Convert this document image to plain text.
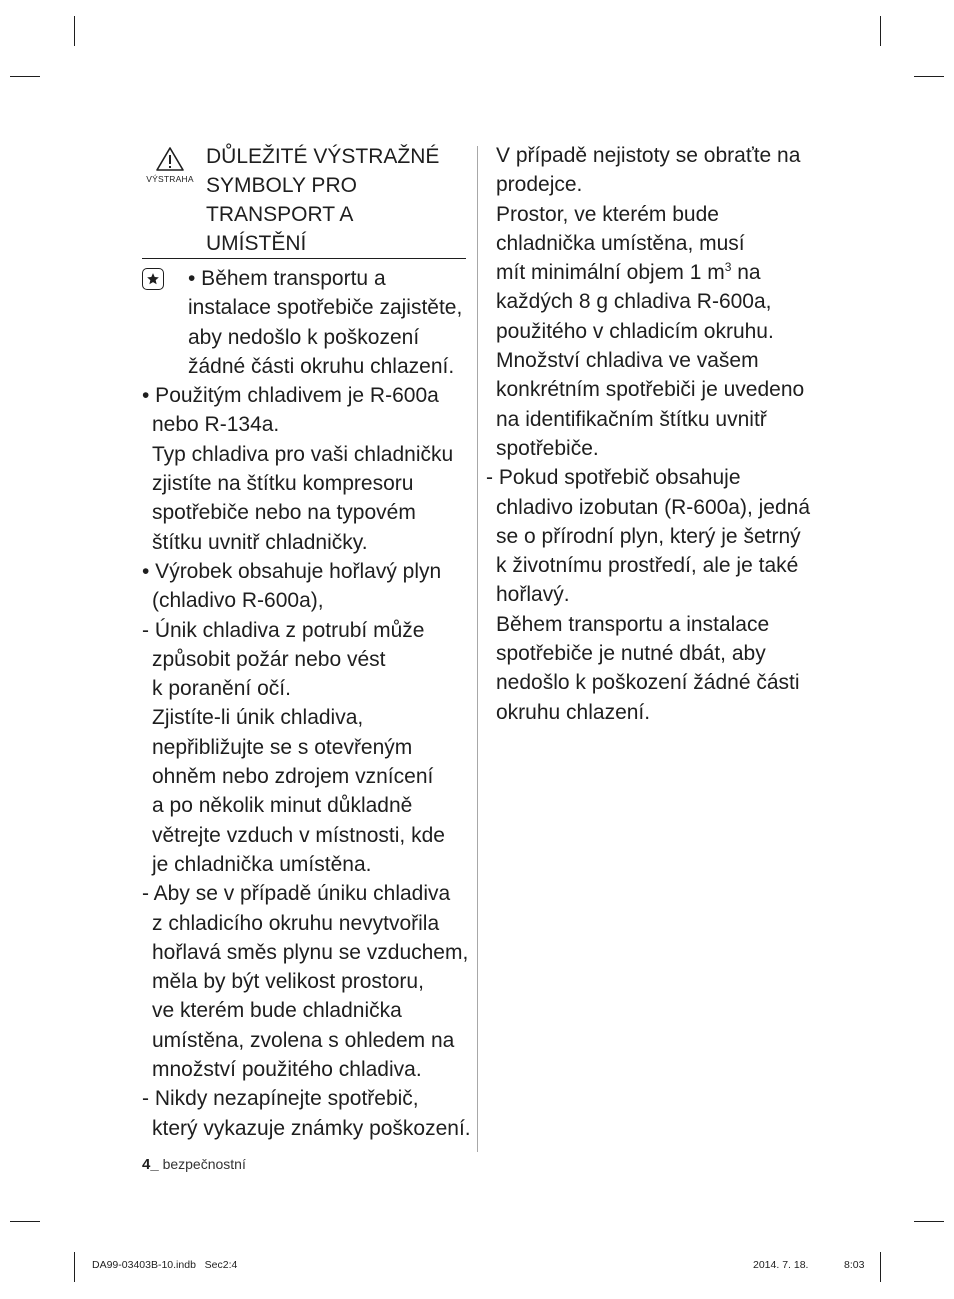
VÝSTRAHA
DŮLEŽITÉ VÝSTRAŽNÉ
SYMBOLY PRO
TRANSPORT A
UMÍSTĚNÍ

• Během transportu a

instalace spotřebiče zajistěte,

aby nedošlo k poškození

žádné části okruhu chlazení.

• Použitým chladivem je R-600a

nebo R-134a.

Typ chladiva pro vaši chladničku

zjistíte na štítku kompresoru

spotřebiče nebo na typovém

štítku uvnitř chladničky.

• Výrobek obsahuje hořlavý plyn

(chladivo R-600a),

- Únik chladiva z potrubí může

způsobit požár nebo vést

k poranění očí.

Zjistíte-li únik chladiva,

nepřibližujte se s otevřeným

ohněm nebo zdrojem vznícení

a po několik minut důkladně

větrejte vzduch v místnosti, kde

je chladnička umístěna.

- Aby se v případě úniku chladiva

z chladicího okruhu nevytvořila

hořlavá směs plynu se vzduchem,

měla by být velikost prostoru,

ve kterém bude chladnička

umístěna, zvolena s ohledem na

množství použitého chladiva.

- Nikdy nezapínejte spotřebič,

který vykazuje známky poškození.

V případě nejistoty se obraťte na

prodejce.

Prostor, ve kterém bude

chladnička umístěna, musí

mít minimální objem 1 $m^3$ na

každých 8 g chladiva R-600a,

použitého v chladicím okruhu.

Množství chladiva ve vašem

konkrétním spotřebiči je uvedeno

na identifikačním štítku uvnitř

spotřebiče.

- Pokud spotřebič obsahuje

chladivo izobutan (R-600a), jedná

se o přírodní plyn, který je šetrný

k životnímu prostředí, ale je také

hořlavý.

Během transportu a instalace

spotřebiče je nutné dbát, aby

nedošlo k poškození žádné části

okruhu chlazení.

4_ bezpečnostní
DA99-03403B-10.indb   Sec2:4	2014. 7. 18.	8:03
